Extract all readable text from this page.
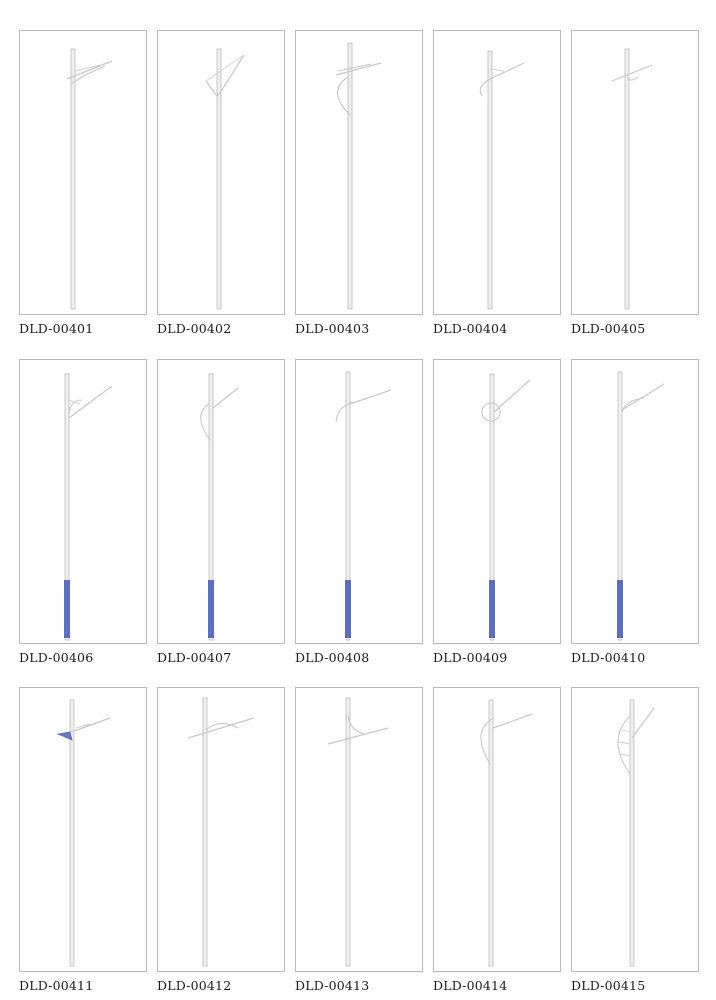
DLD-00401	DLD-00402	DLD-00403	DLD-00404	DLD-00405
DLD-00406	DLD-00407	DLD-00408	DLD-00409	DLD-00410
DLD-00411	DLD-00412	DLD-00413	DLD-00414	DLD-00415
